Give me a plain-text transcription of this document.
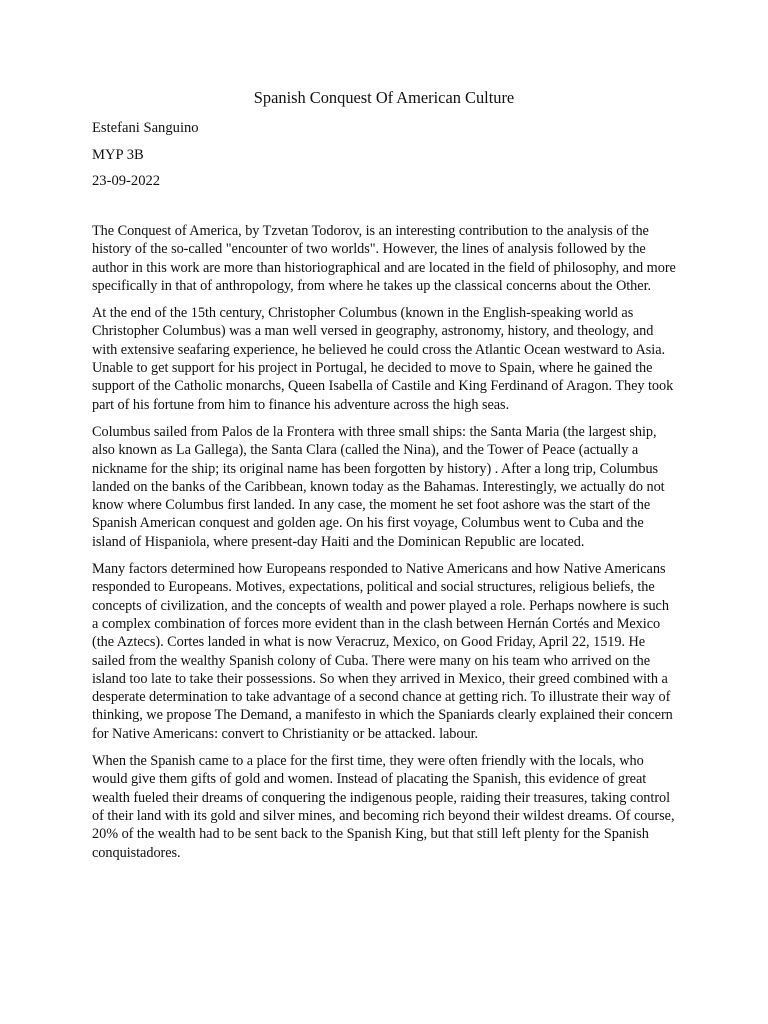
Spanish Conquest Of American Culture

Estefani Sanguino

MYP 3B

23-09-2022

The Conquest of America, by Tzvetan Todorov, is an interesting contribution to the analysis of the history of the so-called "encounter of two worlds". However, the lines of analysis followed by the author in this work are more than historiographical and are located in the field of philosophy, and more specifically in that of anthropology, from where he takes up the classical concerns about the Other.

At the end of the 15th century, Christopher Columbus (known in the English-speaking world as Christopher Columbus) was a man well versed in geography, astronomy, history, and theology, and with extensive seafaring experience, he believed he could cross the Atlantic Ocean westward to Asia. Unable to get support for his project in Portugal, he decided to move to Spain, where he gained the support of the Catholic monarchs, Queen Isabella of Castile and King Ferdinand of Aragon. They took part of his fortune from him to finance his adventure across the high seas.

Columbus sailed from Palos de la Frontera with three small ships: the Santa Maria (the largest ship, also known as La Gallega), the Santa Clara (called the Nina), and the Tower of Peace (actually a nickname for the ship; its original name has been forgotten by history) . After a long trip, Columbus landed on the banks of the Caribbean, known today as the Bahamas. Interestingly, we actually do not know where Columbus first landed. In any case, the moment he set foot ashore was the start of the Spanish American conquest and golden age. On his first voyage, Columbus went to Cuba and the island of Hispaniola, where present-day Haiti and the Dominican Republic are located.

Many factors determined how Europeans responded to Native Americans and how Native Americans responded to Europeans. Motives, expectations, political and social structures, religious beliefs, the concepts of civilization, and the concepts of wealth and power played a role. Perhaps nowhere is such a complex combination of forces more evident than in the clash between Hernán Cortés and Mexico (the Aztecs). Cortes landed in what is now Veracruz, Mexico, on Good Friday, April 22, 1519. He sailed from the wealthy Spanish colony of Cuba. There were many on his team who arrived on the island too late to take their possessions. So when they arrived in Mexico, their greed combined with a desperate determination to take advantage of a second chance at getting rich. To illustrate their way of thinking, we propose The Demand, a manifesto in which the Spaniards clearly explained their concern for Native Americans: convert to Christianity or be attacked. labour.

When the Spanish came to a place for the first time, they were often friendly with the locals, who would give them gifts of gold and women. Instead of placating the Spanish, this evidence of great wealth fueled their dreams of conquering the indigenous people, raiding their treasures, taking control of their land with its gold and silver mines, and becoming rich beyond their wildest dreams. Of course, 20% of the wealth had to be sent back to the Spanish King, but that still left plenty for the Spanish conquistadores.
